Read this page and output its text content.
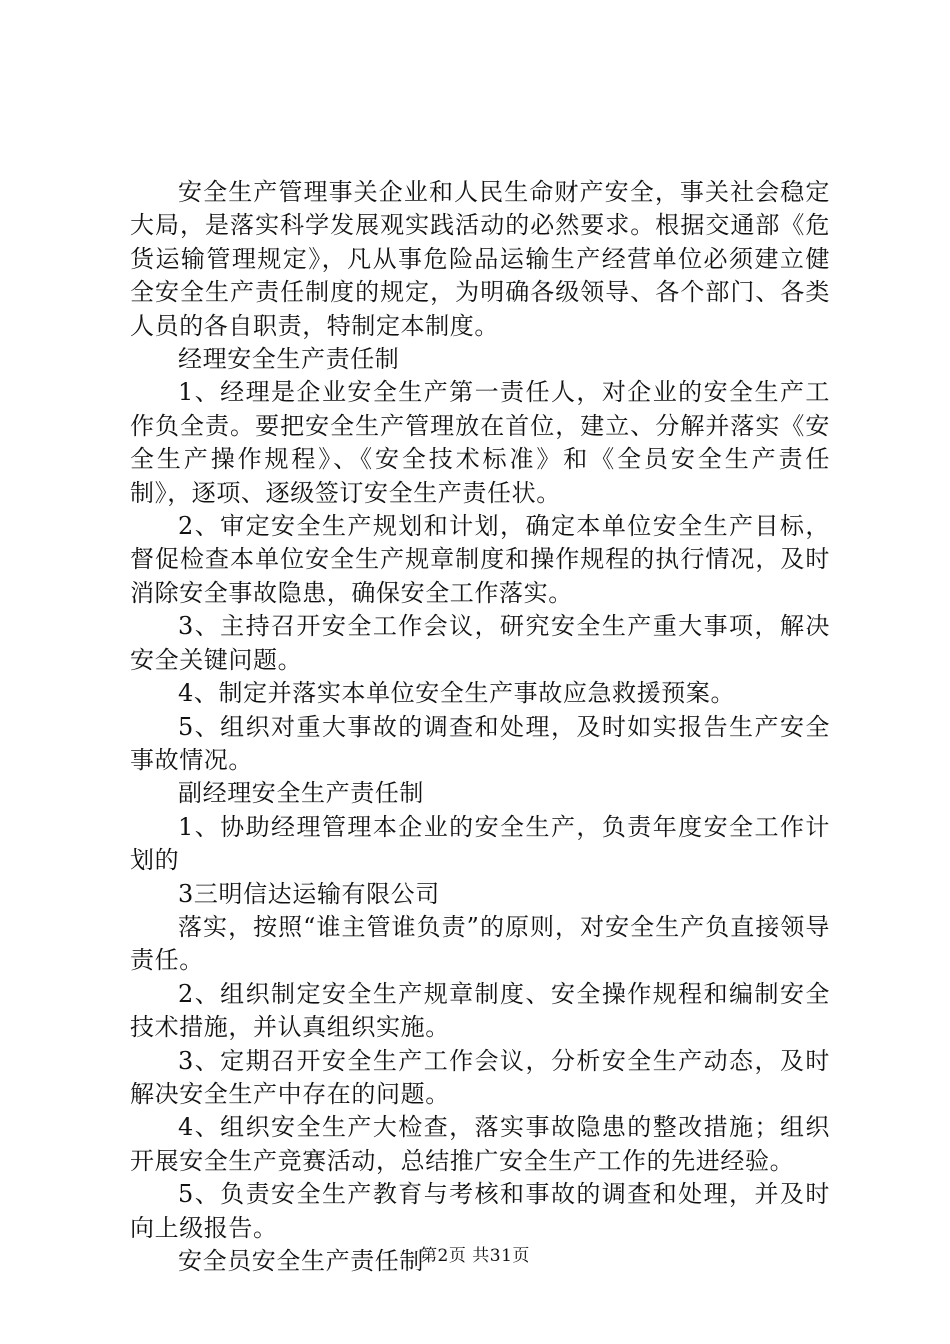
安全生产管理事关企业和人民生命财产安全，事关社会稳定大局，是落实科学发展观实践活动的必然要求。根据交通部《危货运输管理规定》，凡从事危险品运输生产经营单位必须建立健全安全生产责任制度的规定，为明确各级领导、各个部门、各类人员的各自职责，特制定本制度。

经理安全生产责任制

1、经理是企业安全生产第一责任人，对企业的安全生产工作负全责。要把安全生产管理放在首位，建立、分解并落实《安全生产操作规程》、《安全技术标准》和《全员安全生产责任制》，逐项、逐级签订安全生产责任状。

2、审定安全生产规划和计划，确定本单位安全生产目标，督促检查本单位安全生产规章制度和操作规程的执行情况，及时消除安全事故隐患，确保安全工作落实。

3、主持召开安全工作会议，研究安全生产重大事项，解决安全关键问题。

4、制定并落实本单位安全生产事故应急救援预案。

5、组织对重大事故的调查和处理，及时如实报告生产安全事故情况。

副经理安全生产责任制

1、协助经理管理本企业的安全生产，负责年度安全工作计划的

3三明信达运输有限公司

落实，按照“谁主管谁负责”的原则，对安全生产负直接领导责任。

2、组织制定安全生产规章制度、安全操作规程和编制安全技术措施，并认真组织实施。

3、定期召开安全生产工作会议，分析安全生产动态，及时解决安全生产中存在的问题。

4、组织安全生产大检查，落实事故隐患的整改措施；组织开展安全生产竞赛活动，总结推广安全生产工作的先进经验。

5、负责安全生产教育与考核和事故的调查和处理，并及时向上级报告。

安全员安全生产责任制

第2页 共31页
